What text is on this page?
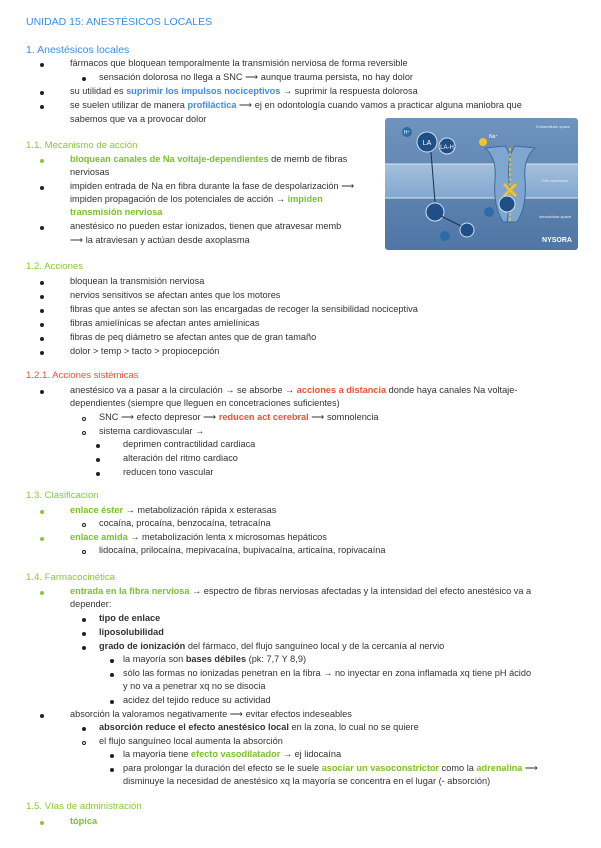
UNIDAD 15: ANESTÉSICOS LOCALES
1. Anestésicos locales
fármacos que bloquean temporalmente la transmisión nerviosa de forma reversible
sensación dolorosa no llega a SNC ⟶ aunque trauma persista, no hay dolor
su utilidad es suprimir los impulsos nociceptivos → suprimir la respuesta dolorosa
se suelen utilizar de manera profiláctica ⟶ ej en odontología cuando vamos a practicar alguna maniobra que
sabemos que va a provocar dolor
1.1. Mecanismo de acción
bloquean canales de Na voltaje-dependientes de memb de fibras
nerviosas
impiden entrada de Na en fibra durante la fase de despolarización ⟶
impiden propagación de los potenciales de acción → impiden
transmisión nerviosa
anestésico no pueden estar ionizados, tienen que atravesar memb
⟶ la atraviesan y actúan desde axoplasma
LA
H⁺
LA-H
Na⁺
Extracellular space
Cell membrane
Intracellular space
NYSORA
1.2. Acciones
bloquean la transmisión nerviosa
nervios sensitivos se afectan antes que los motores
fibras que antes se afectan son las encargadas de recoger la sensibilidad nociceptiva
fibras amielínicas se afectan antes amielínicas
fibras de peq diámetro se afectan antes que de gran tamaño
dolor > temp > tacto > propiocepción
1.2.1. Acciones sistémicas
anestésico va a pasar a la circulación → se absorbe → acciones a distancia donde haya canales Na voltaje-
dependientes (siempre que lleguen en concetraciones suficientes)
SNC ⟶ efecto depresor ⟶ reducen act cerebral ⟶ somnolencia
sistema cardiovascular →
deprimen contractilidad cardiaca
alteración del ritmo cardiaco
reducen tono vascular
1.3. Clasificacion
enlace éster → metabolización rápida x esterasas
cocaína, procaína, benzocaína, tetracaína
enlace amida → metabolización lenta x microsomas hepáticos
lidocaína, prilocaína, mepivacaína, bupivacaína, articaína, ropivacaína
1.4. Farmacocinética
entrada en la fibra nerviosa → espectro de fibras nerviosas afectadas y la intensidad del efecto anestésico va a
depender:
tipo de enlace
liposolubilidad
grado de ionización del fármaco, del flujo sanguíneo local y de la cercanía al nervio
la mayoría son bases débiles (pk: 7,7 Y 8,9)
sólo las formas no ionizadas penetran en la fibra → no inyectar en zona inflamada xq tiene pH ácido
y no va a penetrar xq no se disocia
acidez del tejido reduce su actividad
absorción la valoramos negativamente ⟶ evitar efectos indeseables
absorción reduce el efecto anestésico local en la zona, lo cual no se quiere
el flujo sanguíneo local aumenta la absorción
la mayoría tiene efecto vasodilatador → ej lidocaína
para prolongar la duración del efecto se le suele asociar un vasoconstrictor como la adrenalina ⟶
disminuye la necesidad de anestésico xq la mayoría se concentra en el lugar (- absorción)
1.5. Vías de administración
tópica
